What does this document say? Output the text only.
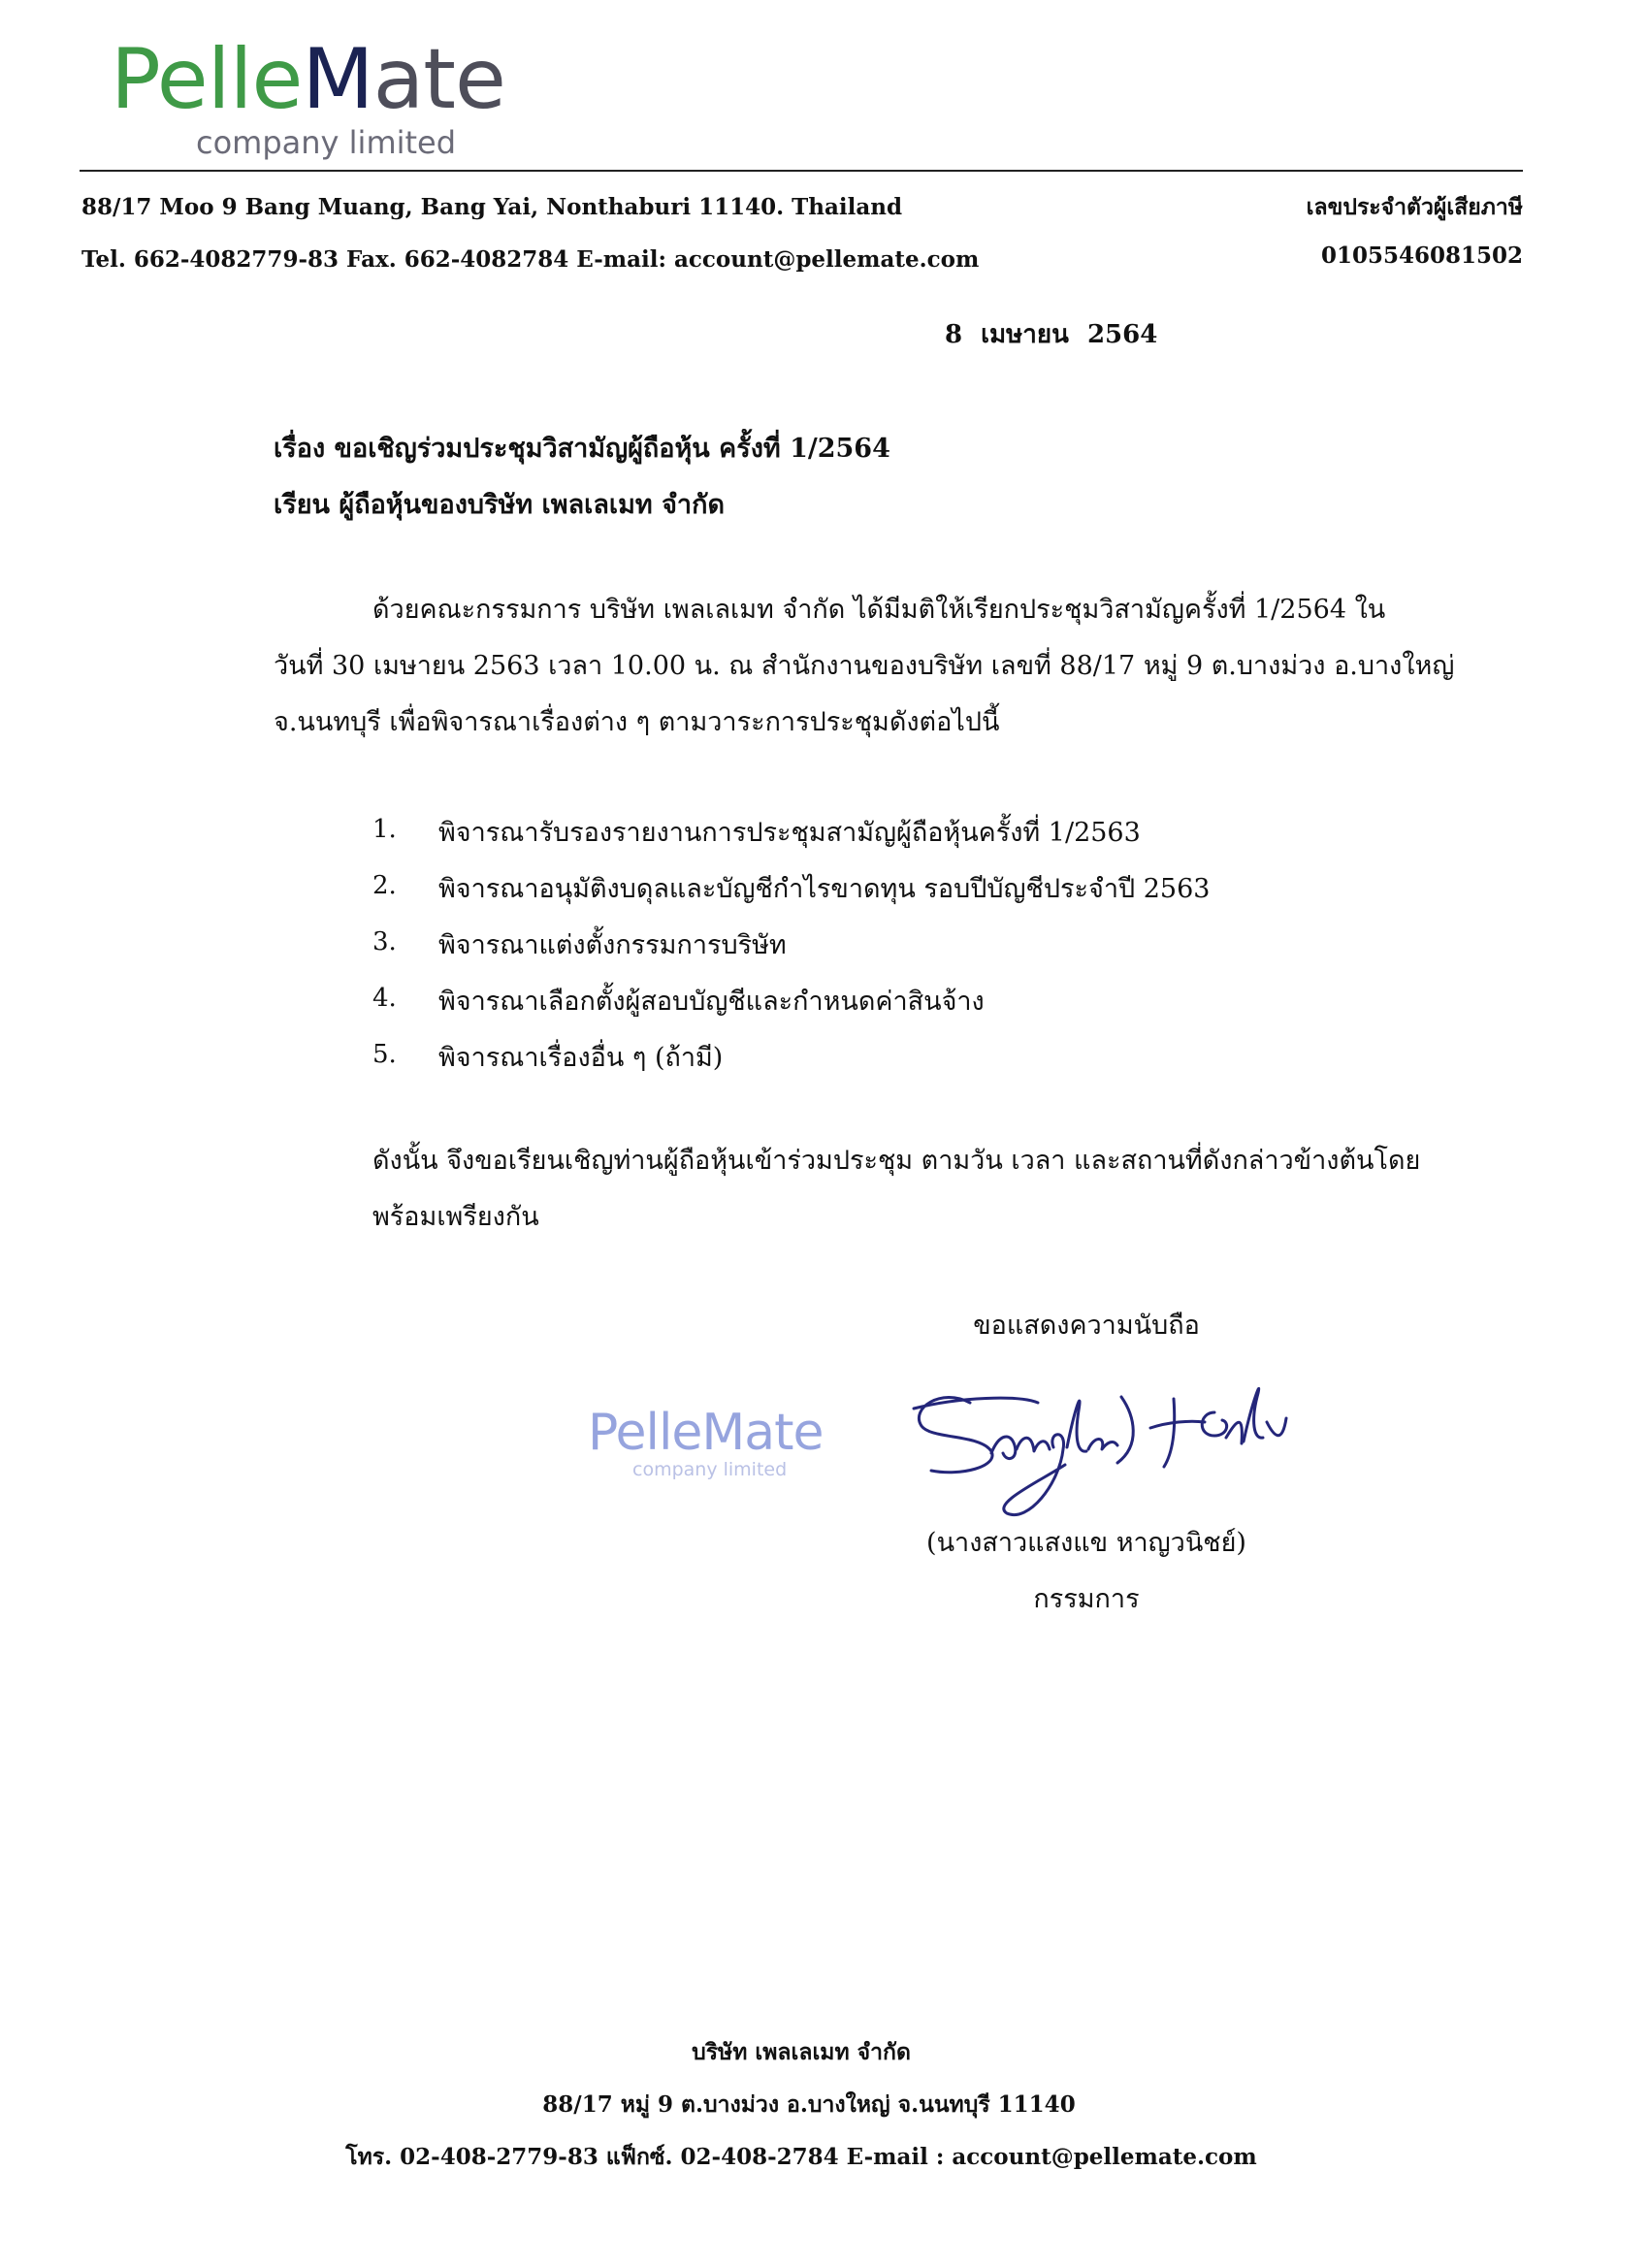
PelleMate
company limited
88/17 Moo 9 Bang Muang, Bang Yai, Nonthaburi 11140. Thailand
Tel. 662-4082779-83 Fax. 662-4082784 E-mail: account@pellemate.com
เลขประจำตัวผู้เสียภาษี
0105546081502
8 เมษายน 2564
เรื่อง ขอเชิญร่วมประชุมวิสามัญผู้ถือหุ้น ครั้งที่ 1/2564
เรียน ผู้ถือหุ้นของบริษัท เพลเลเมท จำกัด
ด้วยคณะกรรมการ บริษัท เพลเลเมท จำกัด ได้มีมติให้เรียกประชุมวิสามัญครั้งที่ 1/2564 ใน
วันที่ 30 เมษายน 2563 เวลา 10.00 น. ณ สำนักงานของบริษัท เลขที่ 88/17 หมู่ 9 ต.บางม่วง อ.บางใหญ่
จ.นนทบุรี เพื่อพิจารณาเรื่องต่าง ๆ ตามวาระการประชุมดังต่อไปนี้
1. พิจารณารับรองรายงานการประชุมสามัญผู้ถือหุ้นครั้งที่ 1/2563
2. พิจารณาอนุมัติงบดุลและบัญชีกำไรขาดทุน รอบปีบัญชีประจำปี 2563
3. พิจารณาแต่งตั้งกรรมการบริษัท
4. พิจารณาเลือกตั้งผู้สอบบัญชีและกำหนดค่าสินจ้าง
5. พิจารณาเรื่องอื่น ๆ (ถ้ามี)
ดังนั้น จึงขอเรียนเชิญท่านผู้ถือหุ้นเข้าร่วมประชุม ตามวัน เวลา และสถานที่ดังกล่าวข้างต้นโดย
พร้อมเพรียงกัน
ขอแสดงความนับถือ
PelleMate
company limited
(นางสาวแสงแข หาญวนิชย์)
กรรมการ
บริษัท เพลเลเมท จำกัด
88/17 หมู่ 9 ต.บางม่วง อ.บางใหญ่ จ.นนทบุรี 11140
โทร. 02-408-2779-83 แฟ็กซ์. 02-408-2784 E-mail : account@pellemate.com
